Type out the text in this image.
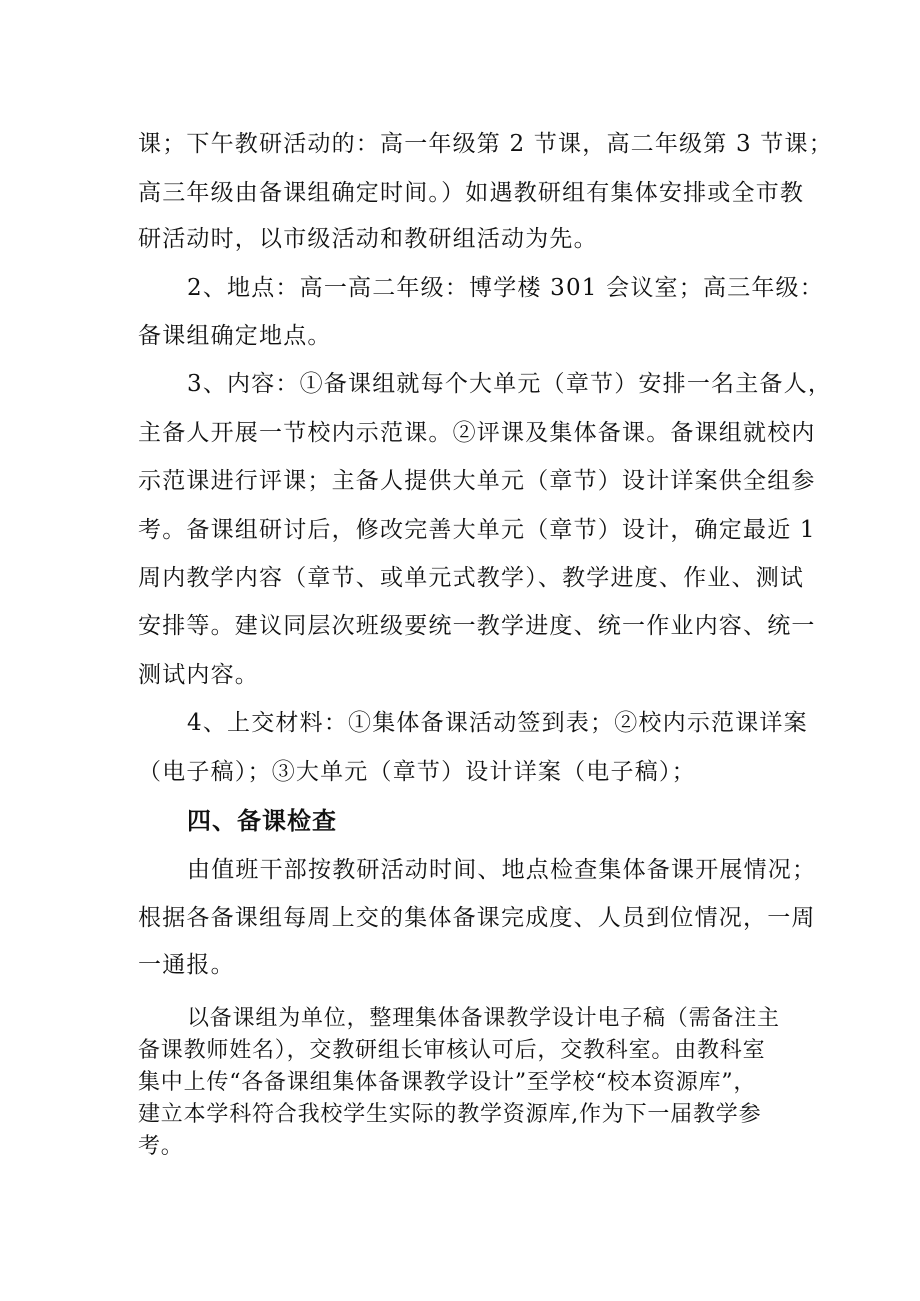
课；下午教研活动的：高一年级第 2 节课，高二年级第 3 节课；
高三年级由备课组确定时间。）如遇教研组有集体安排或全市教
研活动时，以市级活动和教研组活动为先。
2、地点：高一高二年级：博学楼 301 会议室；高三年级：
备课组确定地点。
3、内容：①备课组就每个大单元（章节）安排一名主备人，
主备人开展一节校内示范课。②评课及集体备课。备课组就校内
示范课进行评课；主备人提供大单元（章节）设计详案供全组参
考。备课组研讨后，修改完善大单元（章节）设计，确定最近 1
周内教学内容（章节、或单元式教学）、教学进度、作业、测试
安排等。建议同层次班级要统一教学进度、统一作业内容、统一
测试内容。
4、上交材料：①集体备课活动签到表；②校内示范课详案
（电子稿）；③大单元（章节）设计详案（电子稿）；
四、备课检查
由值班干部按教研活动时间、地点检查集体备课开展情况；
根据各备课组每周上交的集体备课完成度、人员到位情况，一周
一通报。
以备课组为单位，整理集体备课教学设计电子稿（需备注主
备课教师姓名），交教研组长审核认可后，交教科室。由教科室
集中上传“各备课组集体备课教学设计”至学校“校本资源库”，
建立本学科符合我校学生实际的教学资源库,作为下一届教学参
考。
